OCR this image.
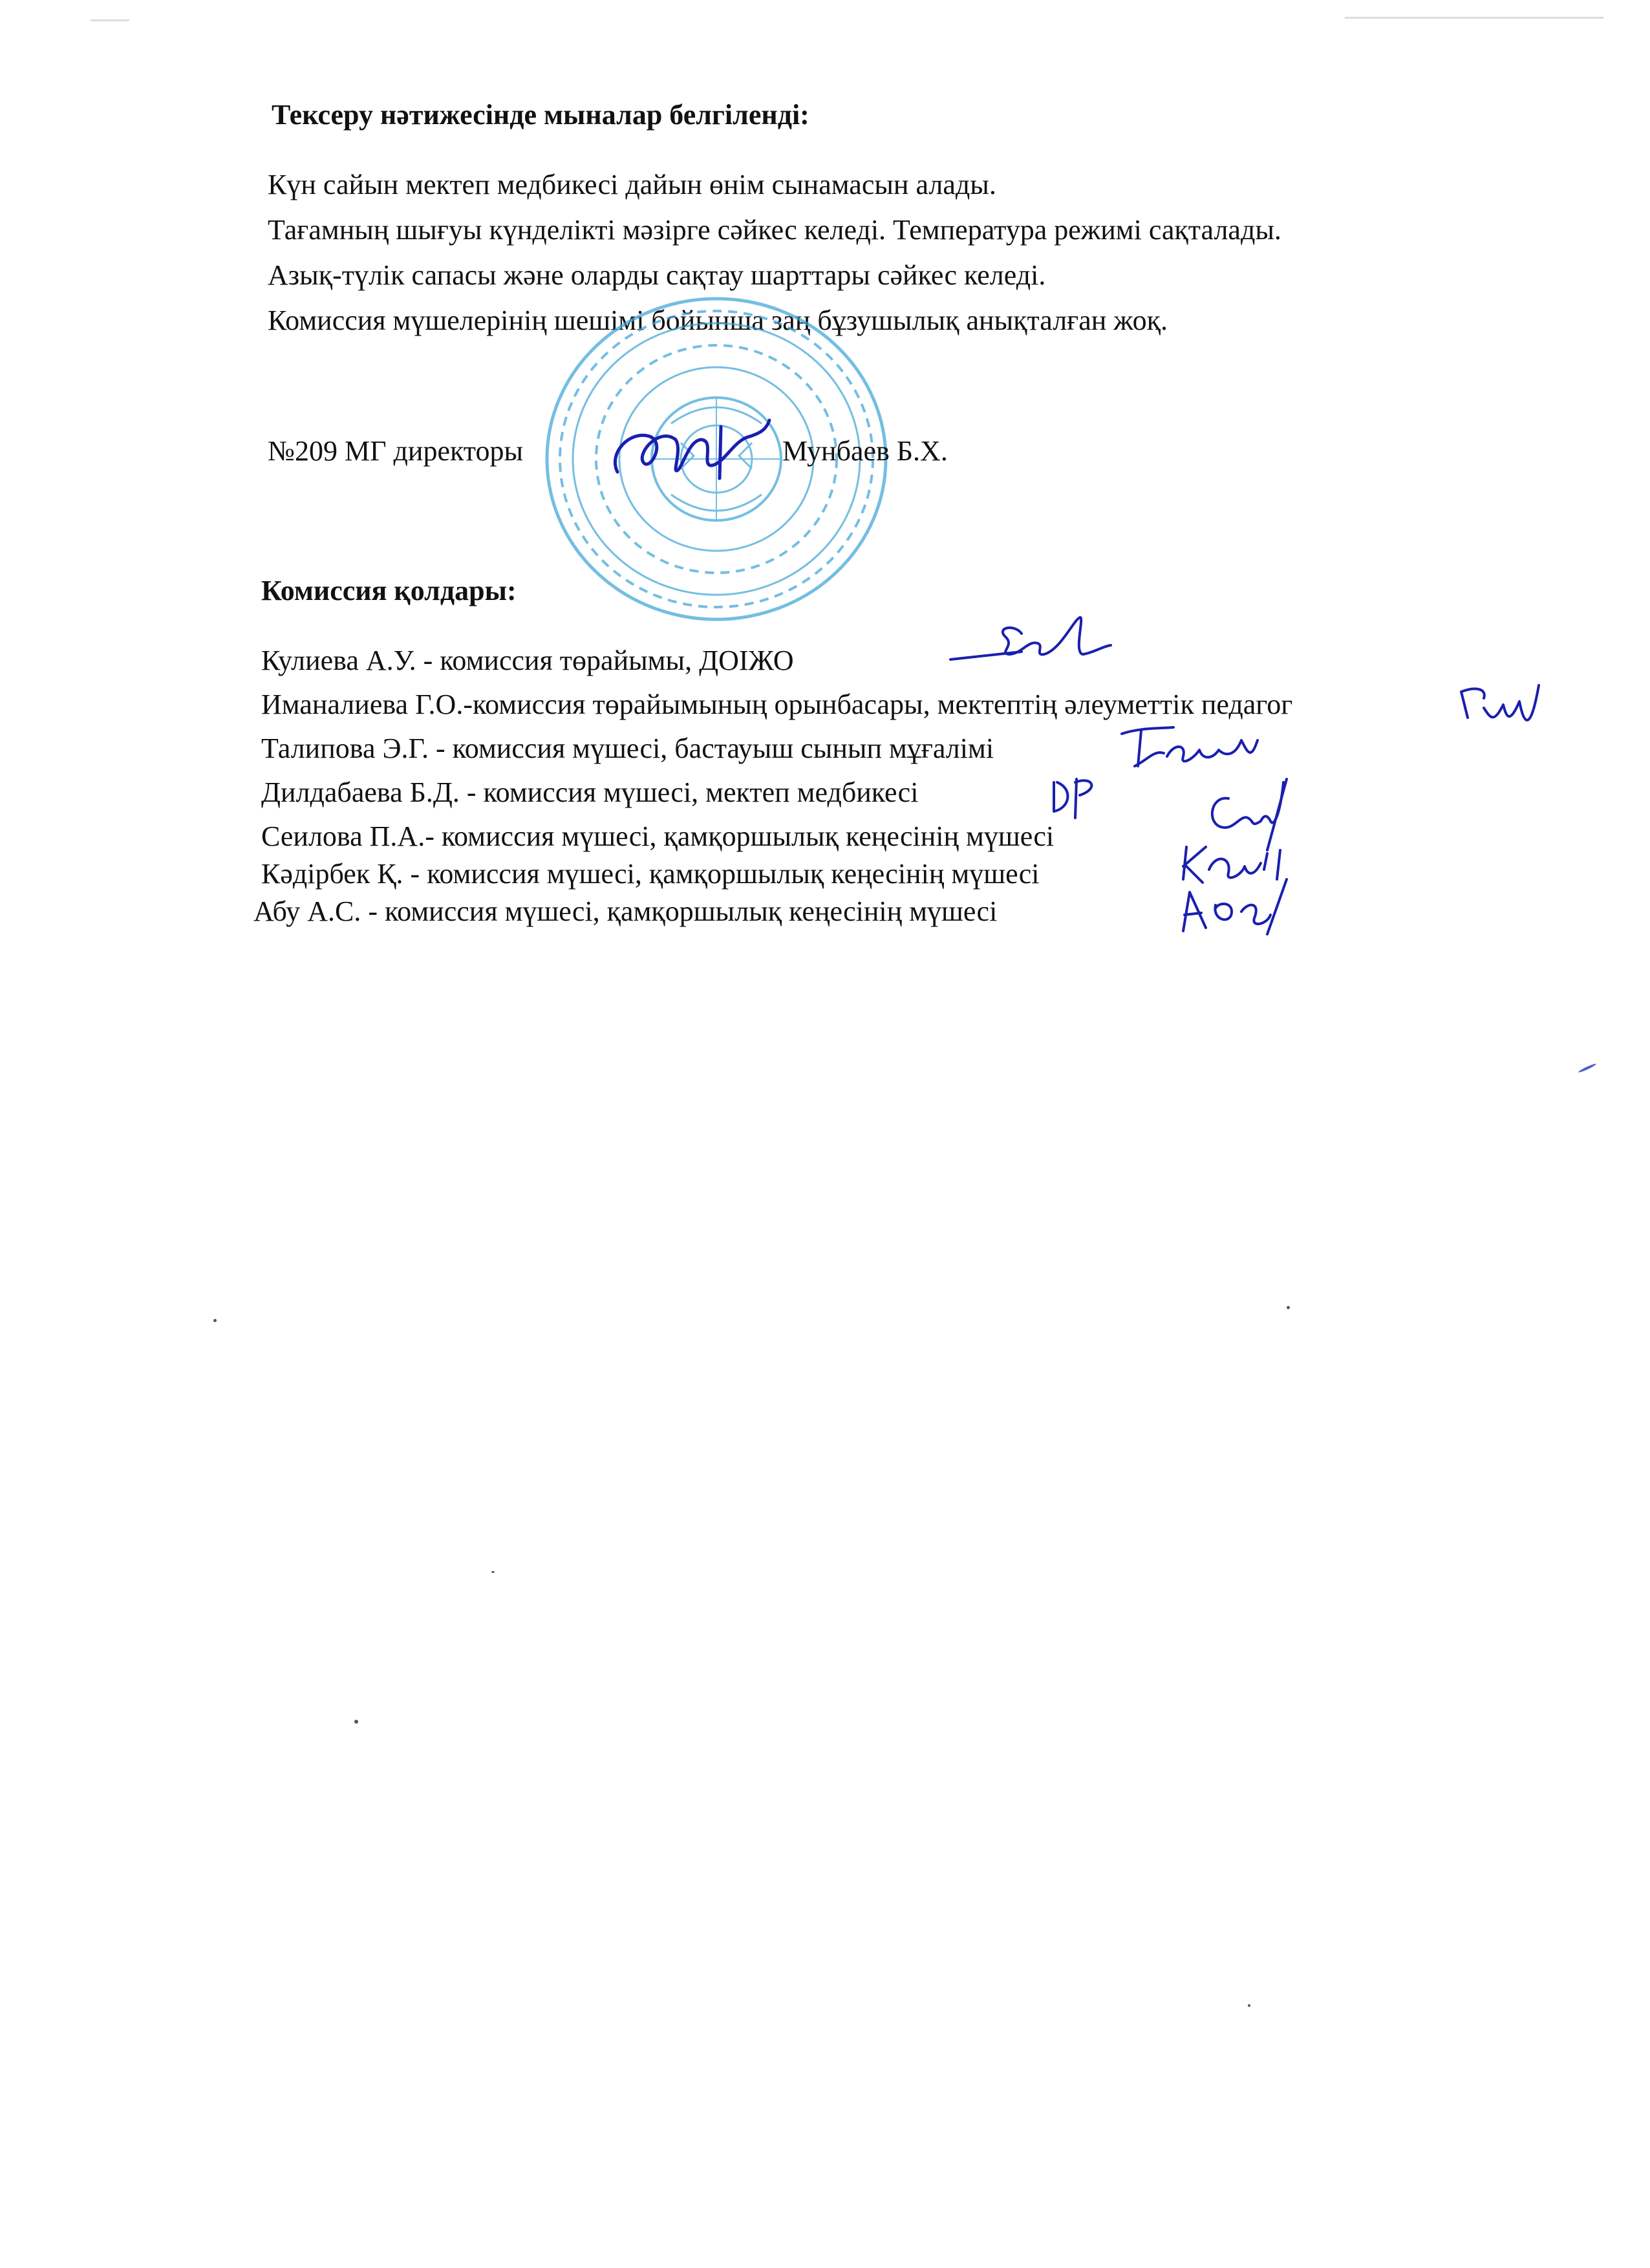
Тексеру нәтижесінде мыналар белгіленді:
Күн сайын мектеп медбикесі дайын өнім сынамасын алады.
Тағамның шығуы күнделікті мәзірге сәйкес келеді. Температура режимі сақталады.
Азық-түлік сапасы және оларды сақтау шарттары сәйкес келеді.
Комиссия мүшелерінің шешімі бойынша заң бұзушылық анықталған жоқ.
№209 МГ директоры	Мунбаев Б.Х.
Комиссия қолдары:
Кулиева А.У. - комиссия төрайымы, ДОІЖО
Иманалиева Г.О.-комиссия төрайымының орынбасары, мектептің әлеуметтік педагог
Талипова Э.Г. - комиссия мүшесі, бастауыш сынып мұғалімі
Дилдабаева Б.Д. - комиссия мүшесі, мектеп медбикесі
Сеилова П.А.- комиссия мүшесі, қамқоршылық кеңесінің мүшесі
Кәдірбек Қ. - комиссия мүшесі, қамқоршылық кеңесінің мүшесі
Абу А.С. - комиссия мүшесі, қамқоршылық кеңесінің мүшесі
